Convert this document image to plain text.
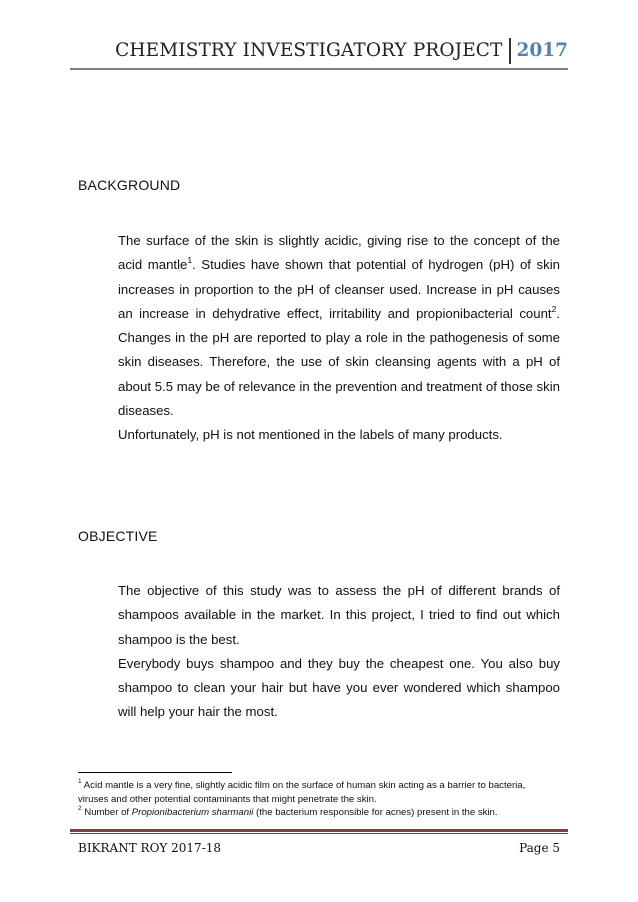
CHEMISTRY INVESTIGATORY PROJECT 2017
BACKGROUND

The surface of the skin is slightly acidic, giving rise to the concept of the acid mantle$^1$. Studies have shown that potential of hydrogen (pH) of skin increases in proportion to the pH of cleanser used. Increase in pH causes an increase in dehydrative effect, irritability and propionibacterial count$^2$. Changes in the pH are reported to play a role in the pathogenesis of some skin diseases. Therefore, the use of skin cleansing agents with a pH of about 5.5 may be of relevance in the prevention and treatment of those skin diseases.

Unfortunately, pH is not mentioned in the labels of many products.

OBJECTIVE

The objective of this study was to assess the pH of different brands of shampoos available in the market. In this project, I tried to find out which shampoo is the best.

Everybody buys shampoo and they buy the cheapest one. You also buy shampoo to clean your hair but have you ever wondered which shampoo will help your hair the most.

$^1$ Acid mantle is a very fine, slightly acidic film on the surface of human skin acting as a barrier to bacteria, viruses and other potential contaminants that might penetrate the skin.

$^2$ Number of Propionibacterium sharmanii (the bacterium responsible for acnes) present in the skin.

BIKRANT ROY 2017-18	Page 5
